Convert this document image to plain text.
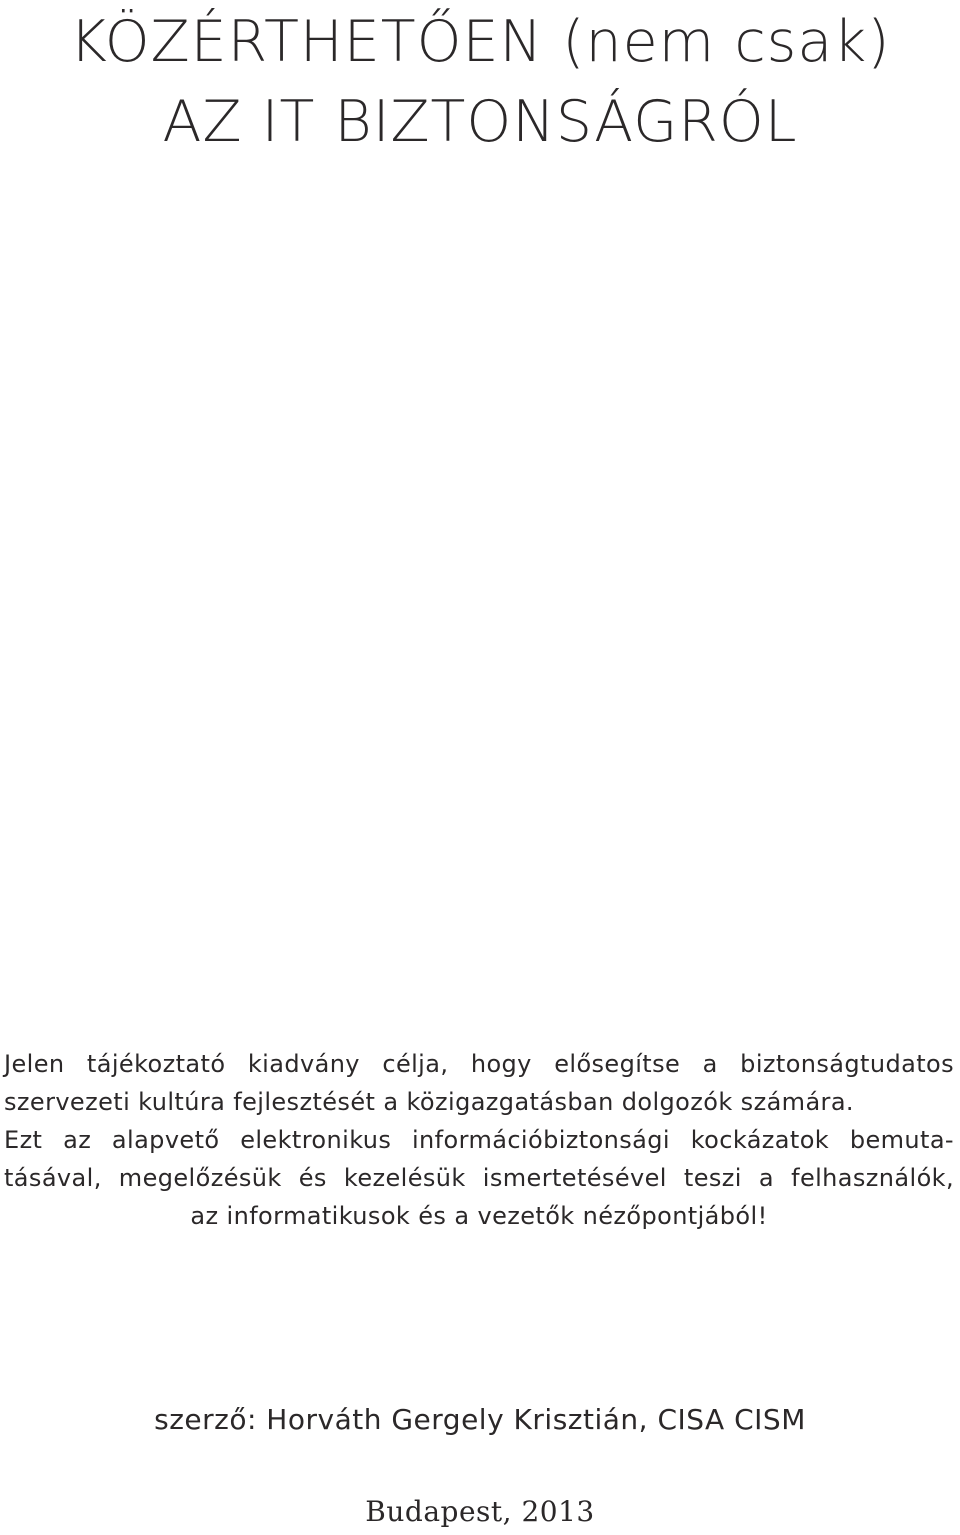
KÖZÉRTHETŐEN (nem csak)
AZ IT BIZTONSÁGRÓL
Jelen tájékoztató kiadvány célja, hogy elősegítse a biztonságtudatos
szervezeti kultúra fejlesztését a közigazgatásban dolgozók számára.
Ezt az alapvető elektronikus információbiztonsági kockázatok bemuta-
tásával, megelőzésük és kezelésük ismertetésével teszi a felhasználók,
az informatikusok és a vezetők nézőpontjából!
szerző: Horváth Gergely Krisztián, CISA CISM
Budapest, 2013
